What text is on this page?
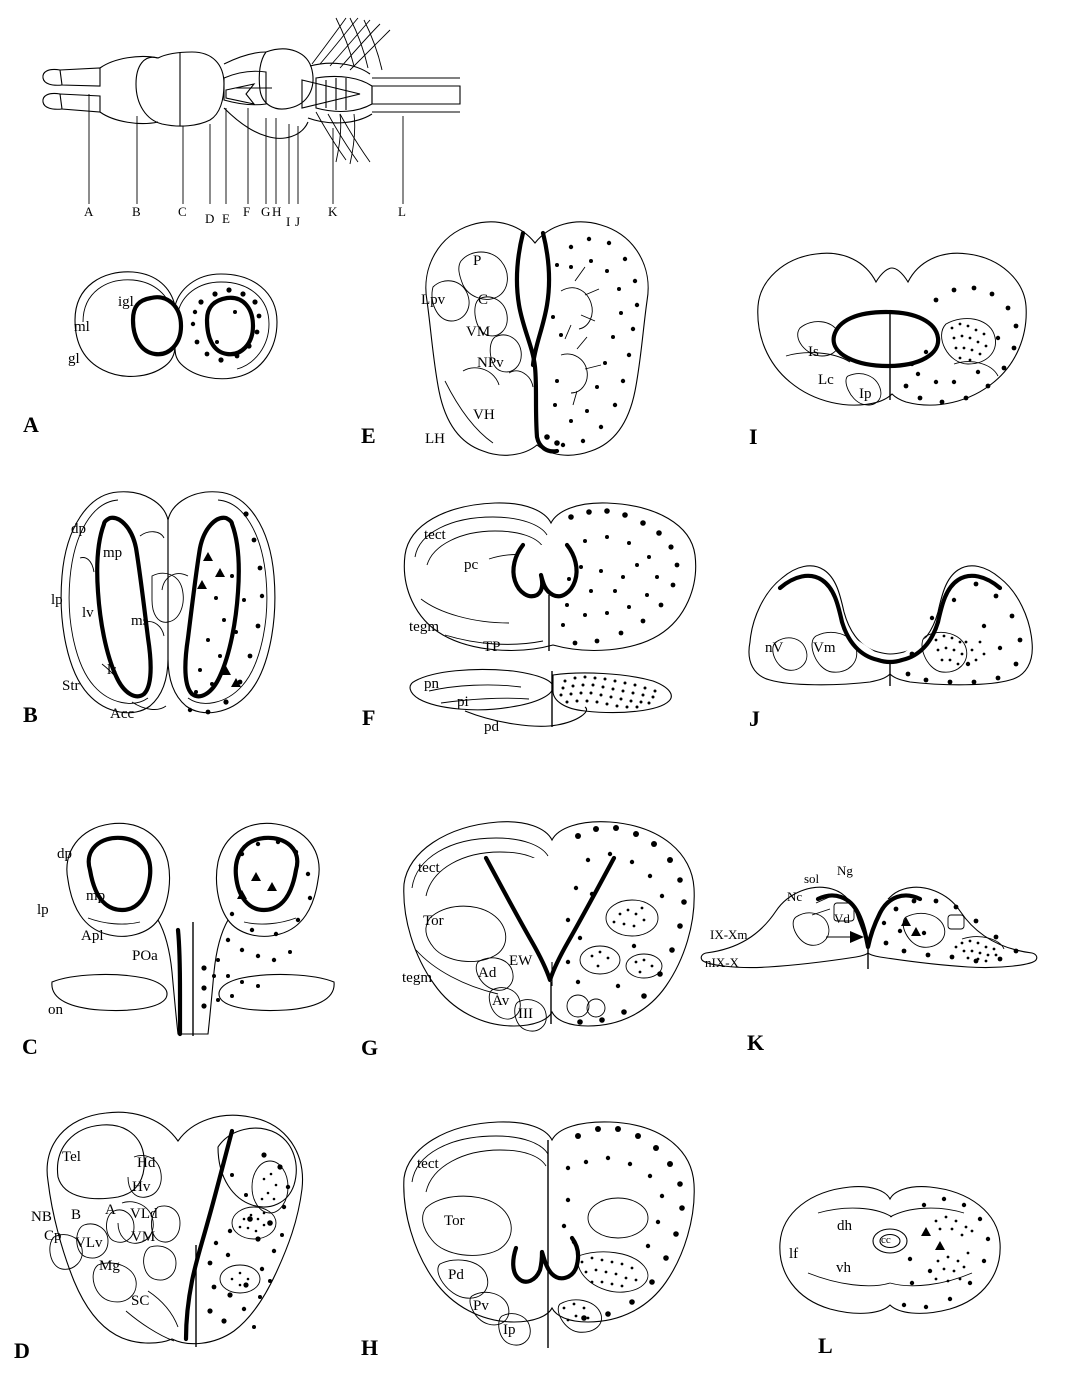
A	B	C D E F G H
I J
K	L
igl
ml
gl
A
dp
mp
lp
lv ms
ls
Str
Acc
B
dp
mp
lp
Apl
POa
on
C
Tel	Hd
Hv
NB B A VLd
Cp VLv VM
Mg
SC
D
P
Lpv C
VM
NPv
VH
LH
E
tect
pc
tegm
TP
pn
pi
pd
F
tect
Tor
Ad
EW
tegm
Av
III
G
tect
Tor
Pd
Pv
Ip
H
Is
Lc
Ip
I
nV Vm
J
sol
Ng
Nc
Vd
IX-Xm
nIX-X
K
dh
cc
lf
vh
L
